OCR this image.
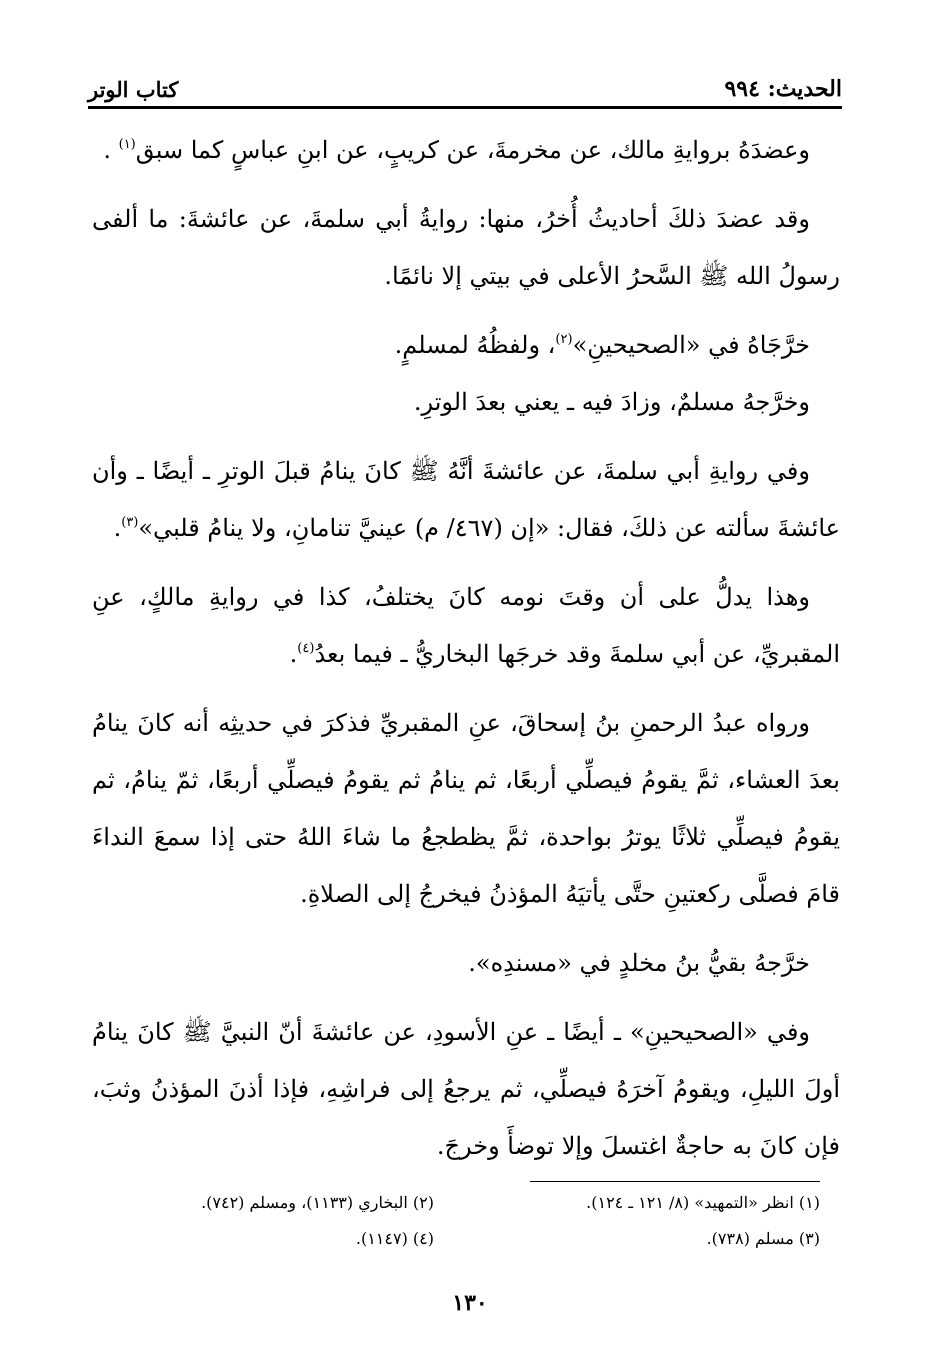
كتاب الوتر	الحديث: ٩٩٤

وعضدَهُ بروايةِ مالك، عن مخرمةَ، عن كريبٍ، عن ابنِ عباسٍ كما سبق$^{(١)}$ .

وقد عضدَ ذلكَ أحاديثُ أُخرُ، منها: روايةُ أبي سلمةَ، عن عائشةَ: ما ألفى رسولُ الله ﷺ السَّحرُ الأعلى في بيتي إلا نائمًا.

خرَّجَاهُ في «الصحيحينِ»$^{(٢)}$، ولفظُهُ لمسلمٍ.

وخرَّجهُ مسلمٌ، وزادَ فيه ـ يعني بعدَ الوترِ.

وفي روايةِ أبي سلمةَ، عن عائشةَ أنَّهُ ﷺ كانَ ينامُ قبلَ الوترِ ـ أيضًا ـ وأن عائشةَ سألته عن ذلكَ، فقال: «إن (٤٦٧/ م) عينيَّ تنامانِ، ولا ينامُ قلبي»$^{(٣)}$.

وهذا يدلُّ على أن وقتَ نومه كانَ يختلفُ، كذا في روايةِ مالكٍ، عنِ المقبريِّ، عن أبي سلمةَ وقد خرجَها البخاريُّ ـ فيما بعدُ$^{(٤)}$.

ورواه عبدُ الرحمنِ بنُ إسحاقَ، عنِ المقبريِّ فذكرَ في حديثِه أنه كانَ ينامُ بعدَ العشاء، ثمَّ يقومُ فيصلِّي أربعًا، ثم ينامُ ثم يقومُ فيصلِّي أربعًا، ثمّ ينامُ، ثم يقومُ فيصلِّي ثلاثًا يوترُ بواحدة، ثمَّ يظطجعُ ما شاءَ اللهُ حتى إذا سمعَ النداءَ قامَ فصلَّى ركعتينِ حتَّى يأتيَهُ المؤذنُ فيخرجُ إلى الصلاةِ.

خرَّجهُ بقيُّ بنُ مخلدٍ في «مسندِه».

وفي «الصحيحينِ» ـ أيضًا ـ عنِ الأسودِ، عن عائشةَ أنّ النبيَّ ﷺ كانَ ينامُ أولَ الليلِ، ويقومُ آخرَهُ فيصلِّي، ثم يرجعُ إلى فراشِهِ، فإذا أذنَ المؤذنُ وثبَ، فإن كانَ به حاجةٌ اغتسلَ وإلا توضأَ وخرجَ.

(١) انظر «التمهيد» (٨/ ١٢١ ـ ١٢٤).
(٢) البخاري (١١٣٣)، ومسلم (٧٤٢).
(٣) مسلم (٧٣٨).
(٤) (١١٤٧).
١٣٠
